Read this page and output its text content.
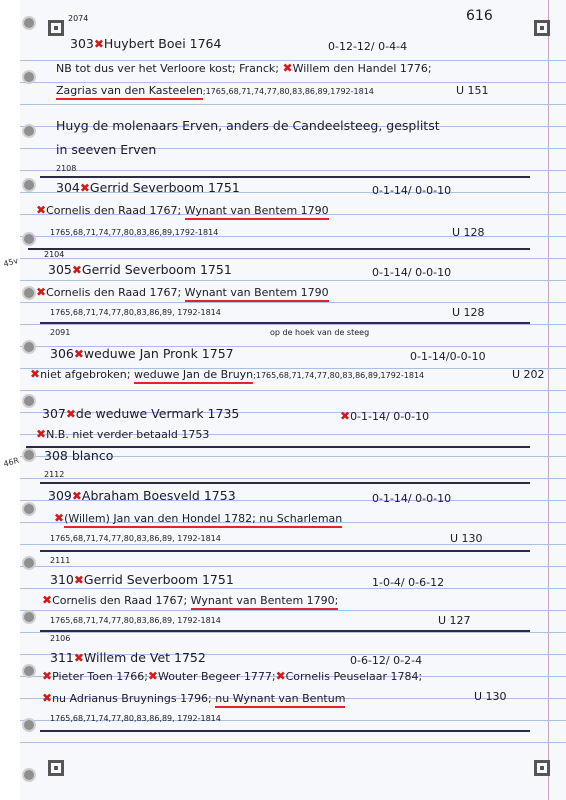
2074	616
303✖Huybert Boei 1764	0-12-12/ 0-4-4
NB tot dus ver het Verloore kost; Franck; ✖Willem den Handel 1776;
Zagrias van den Kasteelen;1765,68,71,74,77,80,83,86,89,1792-1814	U 151
Huyg de molenaars Erven, anders de Candeelsteeg, gesplitst
in seeven Erven
2108
304✖Gerrid Severboom 1751	0-1-14/ 0-0-10
✖Cornelis den Raad 1767; Wynant van Bentem 1790
1765,68,71,74,77,80,83,86,89,1792-1814	U 128
45v
2104
305✖Gerrid Severboom 1751	0-1-14/ 0-0-10
✖Cornelis den Raad 1767; Wynant van Bentem 1790
1765,68,71,74,77,80,83,86,89, 1792-1814	U 128
2091	op de hoek van de steeg
306✖weduwe Jan Pronk 1757	0-1-14/0-0-10
✖niet afgebroken; weduwe Jan de Bruyn;1765,68,71,74,77,80,83,86,89,1792-1814	U 202
307✖de weduwe Vermark 1735	✖0-1-14/ 0-0-10
✖N.B. niet verder betaald 1753
46R 308 blanco
2112
309✖Abraham Boesveld 1753	0-1-14/ 0-0-10
✖(Willem) Jan van den Hondel 1782; nu Scharleman
1765,68,71,74,77,80,83,86,89, 1792-1814	U 130
2111
310✖Gerrid Severboom 1751	1-0-4/ 0-6-12
✖Cornelis den Raad 1767; Wynant van Bentem 1790;
1765,68,71,74,77,80,83,86,89, 1792-1814	U 127
2106
311✖Willem de Vet 1752	0-6-12/ 0-2-4
✖Pieter Toen 1766;✖Wouter Begeer 1777;✖Cornelis Peuselaar 1784;
✖nu Adrianus Bruynings 1796; nu Wynant van Bentum	U 130
1765,68,71,74,77,80,83,86,89, 1792-1814
